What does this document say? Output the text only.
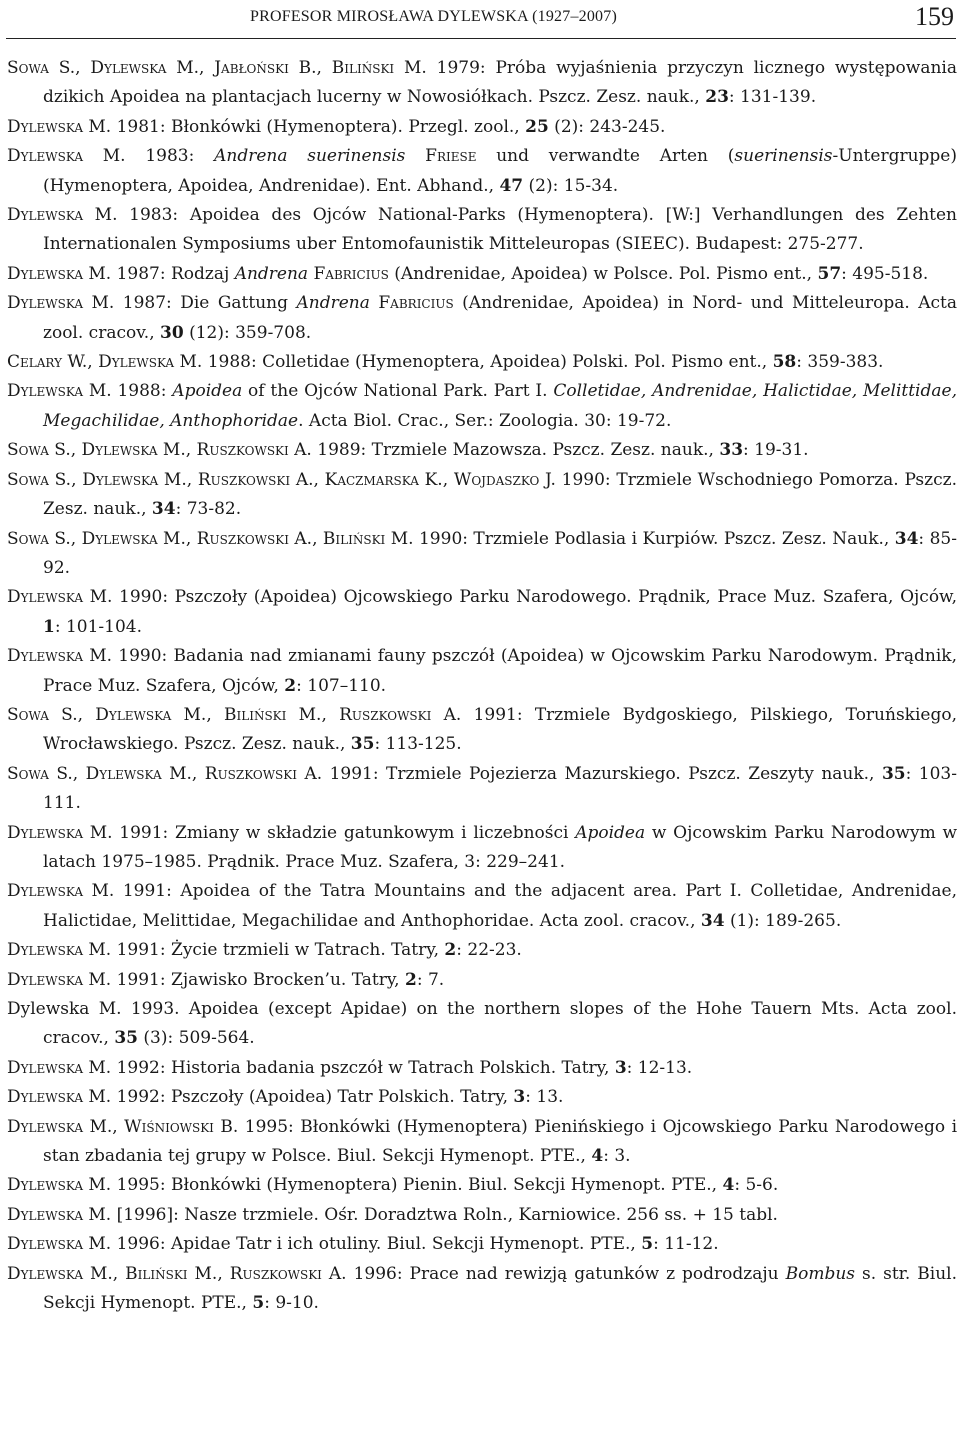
PROFESOR MIROSŁAWA DYLEWSKA (1927–2007)	159
Sowa S., Dylewska M., Jabłoński B., Biliński M. 1979: Próba wyjaśnienia przyczyn licznego występowania dzikich Apoidea na plantacjach lucerny w Nowosiółkach. Pszcz. Zesz. nauk., 23: 131-139.
Dylewska M. 1981: Błonkówki (Hymenoptera). Przegl. zool., 25 (2): 243-245.
Dylewska M. 1983: Andrena suerinensis Friese und verwandte Arten (suerinensis-Untergruppe) (Hymenoptera, Apoidea, Andrenidae). Ent. Abhand., 47 (2): 15-34.
Dylewska M. 1983: Apoidea des Ojców National-Parks (Hymenoptera). [W:] Verhandlungen des Zehten Internationalen Symposiums uber Entomofaunistik Mitteleuropas (SIEEC). Budapest: 275-277.
Dylewska M. 1987: Rodzaj Andrena Fabricius (Andrenidae, Apoidea) w Polsce. Pol. Pismo ent., 57: 495-518.
Dylewska M. 1987: Die Gattung Andrena Fabricius (Andrenidae, Apoidea) in Nord- und Mitteleuropa. Acta zool. cracov., 30 (12): 359-708.
Celary W., Dylewska M. 1988: Colletidae (Hymenoptera, Apoidea) Polski. Pol. Pismo ent., 58: 359-383.
Dylewska M. 1988: Apoidea of the Ojców National Park. Part I. Colletidae, Andrenidae, Halictidae, Melittidae, Megachilidae, Anthophoridae. Acta Biol. Crac., Ser.: Zoologia. 30: 19-72.
Sowa S., Dylewska M., Ruszkowski A. 1989: Trzmiele Mazowsza. Pszcz. Zesz. nauk., 33: 19-31.
Sowa S., Dylewska M., Ruszkowski A., Kaczmarska K., Wojdaszko J. 1990: Trzmiele Wschodniego Pomorza. Pszcz. Zesz. nauk., 34: 73-82.
Sowa S., Dylewska M., Ruszkowski A., Biliński M. 1990: Trzmiele Podlasia i Kurpiów. Pszcz. Zesz. Nauk., 34: 85-92.
Dylewska M. 1990: Pszczoły (Apoidea) Ojcowskiego Parku Narodowego. Prądnik, Prace Muz. Szafera, Ojców, 1: 101-104.
Dylewska M. 1990: Badania nad zmianami fauny pszczół (Apoidea) w Ojcowskim Parku Narodowym. Prądnik, Prace Muz. Szafera, Ojców, 2: 107–110.
Sowa S., Dylewska M., Biliński M., Ruszkowski A. 1991: Trzmiele Bydgoskiego, Pilskiego, Toruńskiego, Wrocławskiego. Pszcz. Zesz. nauk., 35: 113-125.
Sowa S., Dylewska M., Ruszkowski A. 1991: Trzmiele Pojezierza Mazurskiego. Pszcz. Zeszyty nauk., 35: 103-111.
Dylewska M. 1991: Zmiany w składzie gatunkowym i liczebności Apoidea w Ojcowskim Parku Narodowym w latach 1975–1985. Prądnik. Prace Muz. Szafera, 3: 229–241.
Dylewska M. 1991: Apoidea of the Tatra Mountains and the adjacent area. Part I. Colletidae, Andrenidae, Halictidae, Melittidae, Megachilidae and Anthophoridae. Acta zool. cracov., 34 (1): 189-265.
Dylewska M. 1991: Życie trzmieli w Tatrach. Tatry, 2: 22-23.
Dylewska M. 1991: Zjawisko Brocken’u. Tatry, 2: 7.
Dylewska M. 1993. Apoidea (except Apidae) on the northern slopes of the Hohe Tauern Mts. Acta zool. cracov., 35 (3): 509-564.
Dylewska M. 1992: Historia badania pszczół w Tatrach Polskich. Tatry, 3: 12-13.
Dylewska M. 1992: Pszczoły (Apoidea) Tatr Polskich. Tatry, 3: 13.
Dylewska M., Wiśniowski B. 1995: Błonkówki (Hymenoptera) Pienińskiego i Ojcowskiego Parku Narodowego i stan zbadania tej grupy w Polsce. Biul. Sekcji Hymenopt. PTE., 4: 3.
Dylewska M. 1995: Błonkówki (Hymenoptera) Pienin. Biul. Sekcji Hymenopt. PTE., 4: 5-6.
Dylewska M. [1996]: Nasze trzmiele. Ośr. Doradztwa Roln., Karniowice. 256 ss. + 15 tabl.
Dylewska M. 1996: Apidae Tatr i ich otuliny. Biul. Sekcji Hymenopt. PTE., 5: 11-12.
Dylewska M., Biliński M., Ruszkowski A. 1996: Prace nad rewizją gatunków z podrodzaju Bombus s. str. Biul. Sekcji Hymenopt. PTE., 5: 9-10.
